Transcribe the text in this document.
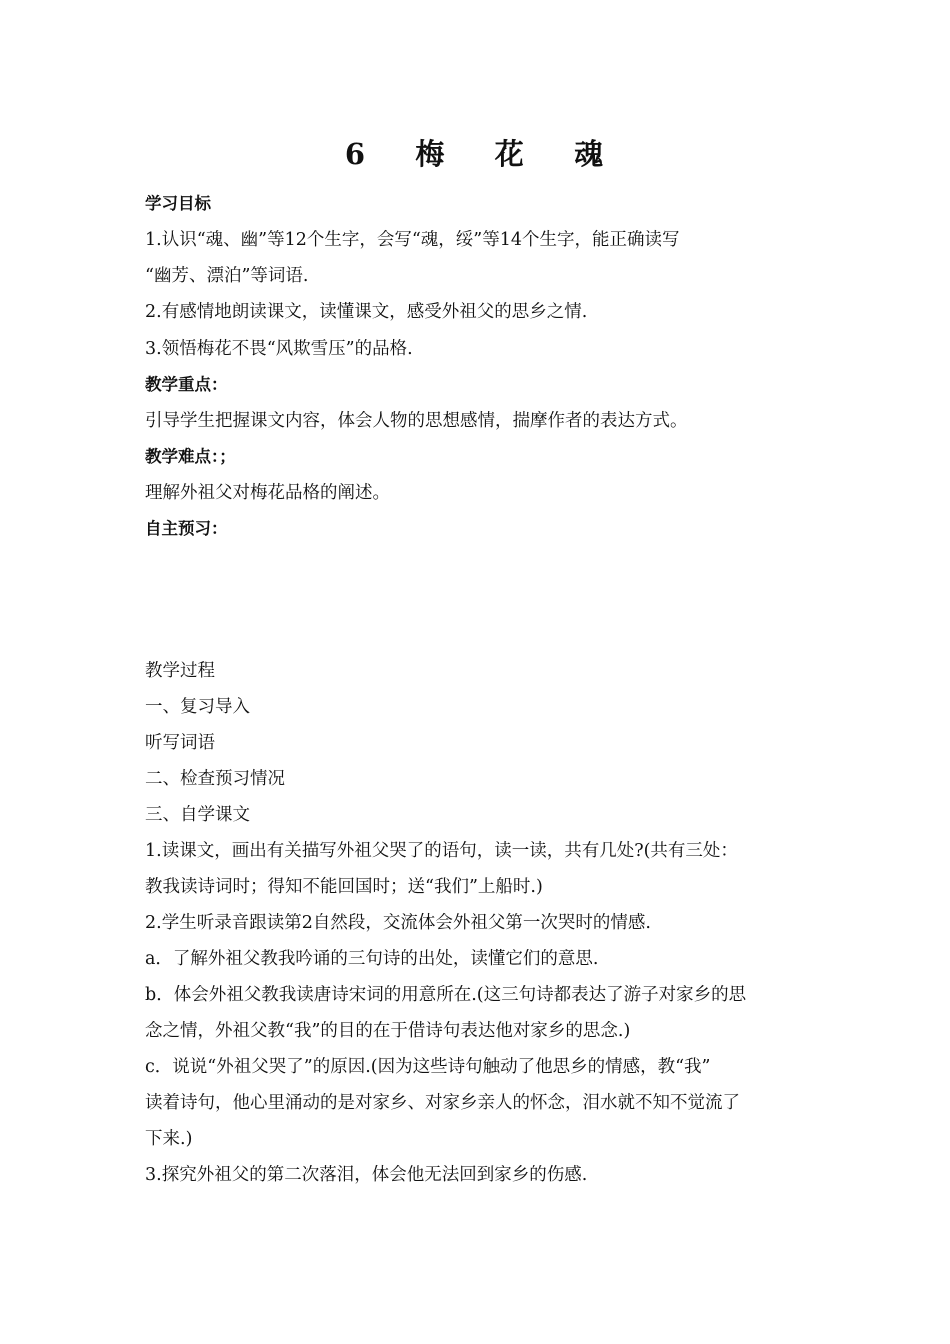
6    梅    花    魂
学习目标
1.认识“魂、幽”等12个生字，会写“魂，绥”等14个生字，能正确读写
“幽芳、漂泊”等词语.
2.有感情地朗读课文，读懂课文，感受外祖父的思乡之情.
3.领悟梅花不畏“风欺雪压”的品格.
教学重点：
引导学生把握课文内容，体会人物的思想感情，揣摩作者的表达方式。
教学难点：；
理解外祖父对梅花品格的阐述。
自主预习：
教学过程
一、复习导入
听写词语
二、检查预习情况
三、自学课文
1.读课文，画出有关描写外祖父哭了的语句，读一读，共有几处?(共有三处：
教我读诗词时；得知不能回国时；送“我们”上船时.)
2.学生听录音跟读第2自然段，交流体会外祖父第一次哭时的情感.
a．了解外祖父教我吟诵的三句诗的出处，读懂它们的意思.
b．体会外祖父教我读唐诗宋词的用意所在.(这三句诗都表达了游子对家乡的思
念之情，外祖父教“我”的目的在于借诗句表达他对家乡的思念.)
c．说说“外祖父哭了”的原因.(因为这些诗句触动了他思乡的情感，教“我”
读着诗句，他心里涌动的是对家乡、对家乡亲人的怀念，泪水就不知不觉流了
下来.)
3.探究外祖父的第二次落泪，体会他无法回到家乡的伤感.
